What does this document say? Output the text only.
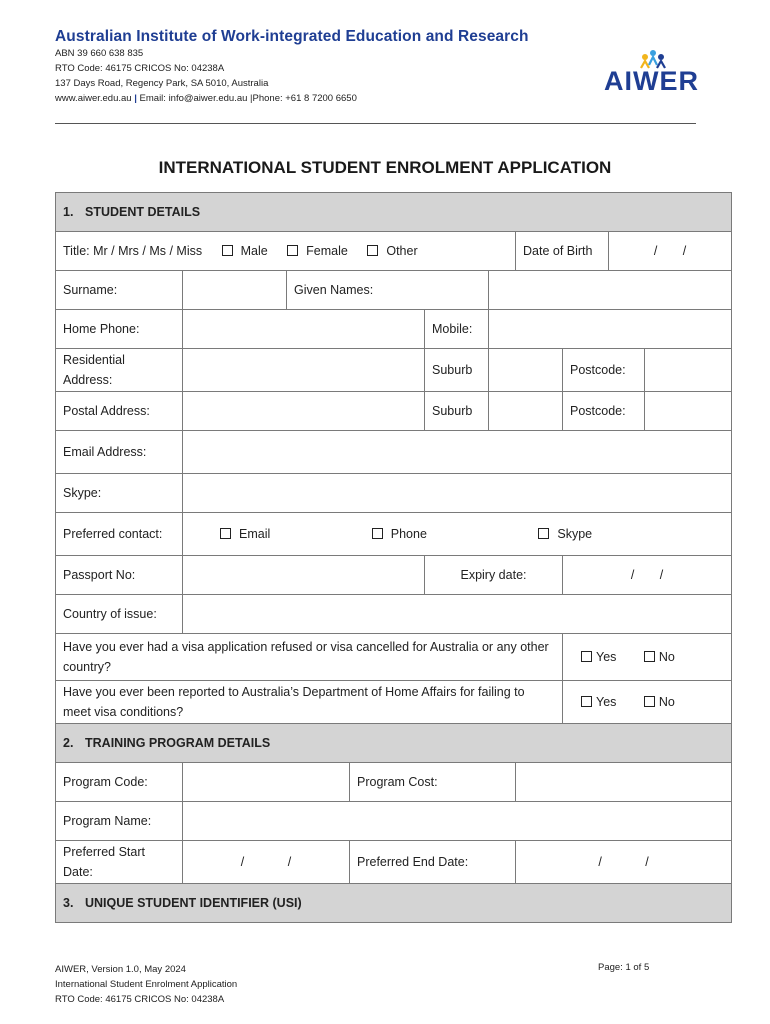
Australian Institute of Work-integrated Education and Research
ABN 39 660 638 835
RTO Code: 46175 CRICOS No: 04238A
137 Days Road, Regency Park, SA 5010, Australia
www.aiwer.edu.au | Email: info@aiwer.edu.au |Phone: +61 8 7200 6650
AIWER
INTERNATIONAL STUDENT ENROLMENT APPLICATION
1. STUDENT DETAILS									
Title: Mr / Mrs / Ms / Miss Male Female Other						Date of Birth		/ /	
Surname:		Given Names:							
Home Phone:				Mobile:					
Residential Address:				Suburb			Postcode:		
Postal Address:				Suburb			Postcode:		
Email Address:									
Skype:									
Preferred contact:	Email Phone Skype								
Passport No:				Expiry date:			/ /		
Country of issue:									
Have you ever had a visa application refused or visa cancelled for Australia or any other country?							Yes No		
Have you ever been reported to Australia’s Department of Home Affairs for failing to meet visa conditions?							Yes No		
2. TRAINING PROGRAM DETAILS									
Program Code:			Program Cost:						
Program Name:									
Preferred Start Date:	/ /		Preferred End Date:			/ /			
3. UNIQUE STUDENT IDENTIFIER (USI)									
AIWER, Version 1.0, May 2024
International Student Enrolment Application
RTO Code: 46175 CRICOS No: 04238A
Page: 1 of 5
